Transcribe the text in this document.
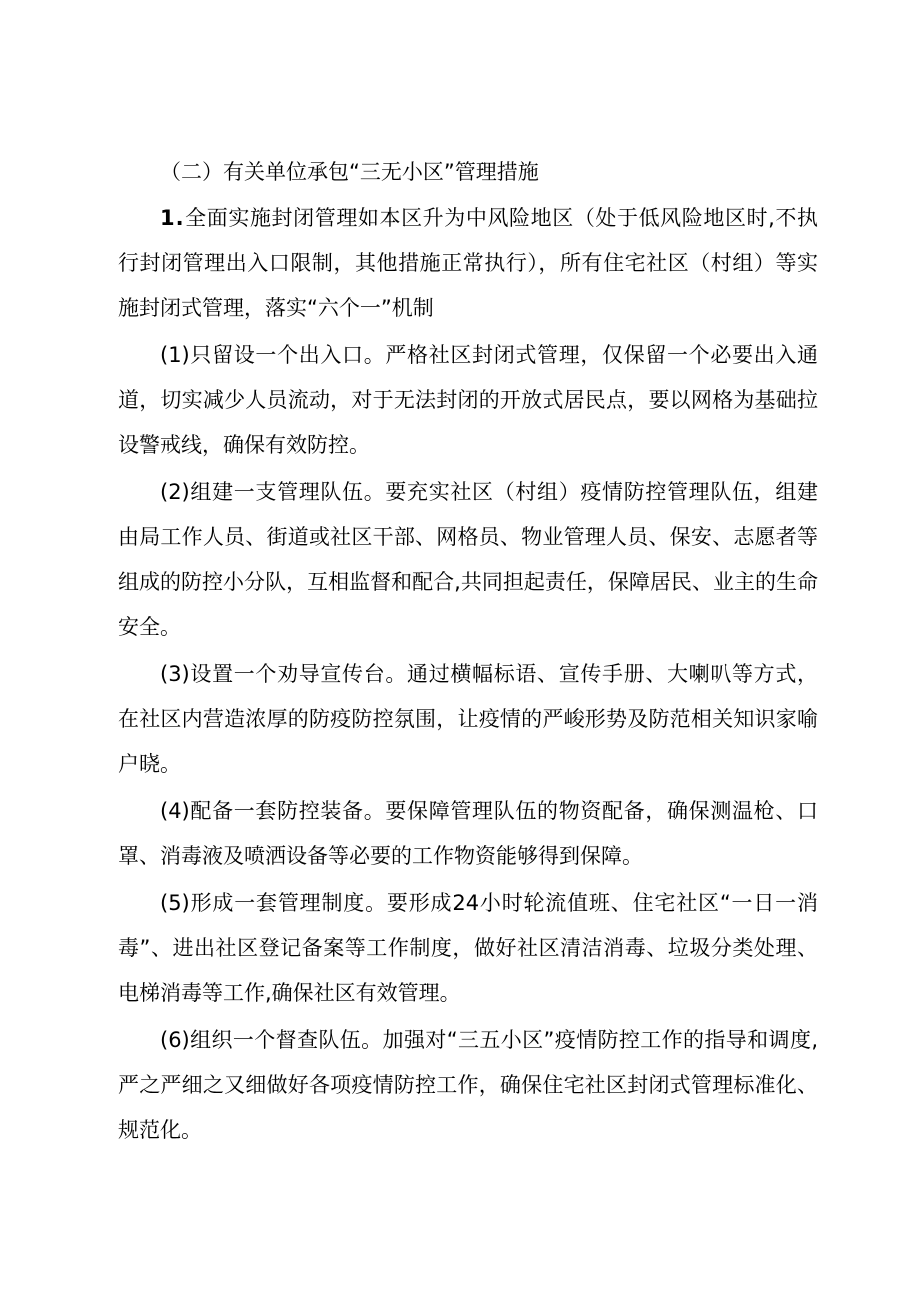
（二）有关单位承包“三无小区”管理措施

1.全面实施封闭管理如本区升为中风险地区（处于低风险地区时,不执行封闭管理出入口限制，其他措施正常执行），所有住宅社区（村组）等实施封闭式管理，落实“六个一”机制

(1)只留设一个出入口。严格社区封闭式管理，仅保留一个必要出入通道，切实减少人员流动，对于无法封闭的开放式居民点，要以网格为基础拉设警戒线，确保有效防控。

(2)组建一支管理队伍。要充实社区（村组）疫情防控管理队伍，组建由局工作人员、街道或社区干部、网格员、物业管理人员、保安、志愿者等组成的防控小分队，互相监督和配合,共同担起责任，保障居民、业主的生命安全。

(3)设置一个劝导宣传台。通过横幅标语、宣传手册、大喇叭等方式，在社区内营造浓厚的防疫防控氛围，让疫情的严峻形势及防范相关知识家喻户晓。

(4)配备一套防控装备。要保障管理队伍的物资配备，确保测温枪、口罩、消毒液及喷洒设备等必要的工作物资能够得到保障。

(5)形成一套管理制度。要形成24小时轮流值班、住宅社区“一日一消毒”、进出社区登记备案等工作制度，做好社区清洁消毒、垃圾分类处理、电梯消毒等工作,确保社区有效管理。

(6)组织一个督查队伍。加强对“三五小区”疫情防控工作的指导和调度,严之严细之又细做好各项疫情防控工作，确保住宅社区封闭式管理标准化、规范化。
